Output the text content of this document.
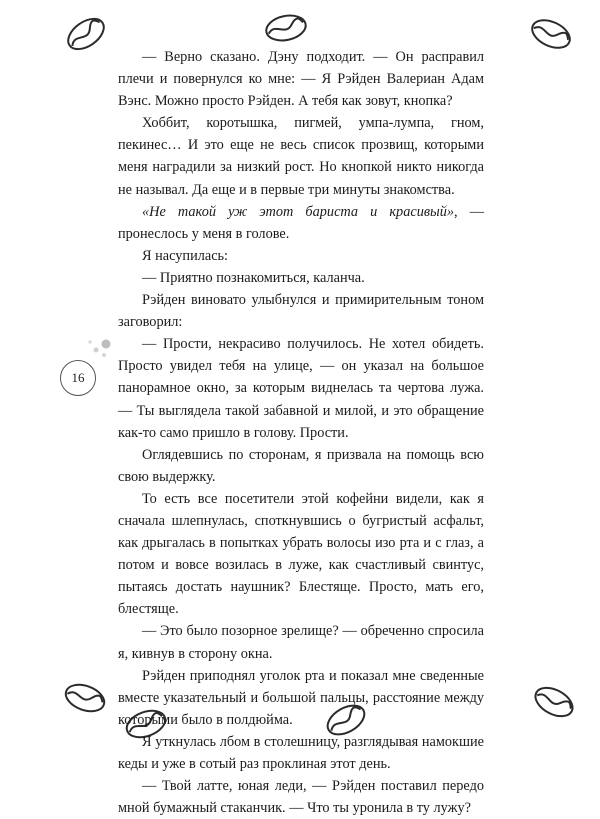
16

— Верно сказано. Дэну подходит. — Он расправил плечи и повернулся ко мне: — Я Рэйден Валериан Адам Вэнс. Можно просто Рэйден. А тебя как зовут, кнопка?

Хоббит, коротышка, пигмей, умпа-лумпа, гном, пекинес… И это еще не весь список прозвищ, которыми меня наградили за низкий рост. Но кнопкой никто никогда не называл. Да еще и в первые три минуты знакомства.

«Не такой уж этот бариста и красивый», — пронеслось у меня в голове.

Я насупилась:

— Приятно познакомиться, каланча.

Рэйден виновато улыбнулся и примирительным тоном заговорил:

— Прости, некрасиво получилось. Не хотел обидеть. Просто увидел тебя на улице, — он указал на большое панорамное окно, за которым виднелась та чертова лужа. — Ты выглядела такой забавной и милой, и это обращение как-то само пришло в голову. Прости.

Оглядевшись по сторонам, я призвала на помощь всю свою выдержку.

То есть все посетители этой кофейни видели, как я сначала шлепнулась, споткнувшись о бугристый асфальт, как дрыгалась в попытках убрать волосы изо рта и с глаз, а потом и вовсе возилась в луже, как счастливый свинтус, пытаясь достать наушник? Блестяще. Просто, мать его, блестяще.

— Это было позорное зрелище? — обреченно спросила я, кивнув в сторону окна.

Рэйден приподнял уголок рта и показал мне сведенные вместе указательный и большой пальцы, расстояние между которыми было в полдюйма.

Я уткнулась лбом в столешницу, разглядывая намокшие кеды и уже в сотый раз проклиная этот день.

— Твой латте, юная леди, — Рэйден поставил передо мной бумажный стаканчик. — Что ты уронила в ту лужу?
